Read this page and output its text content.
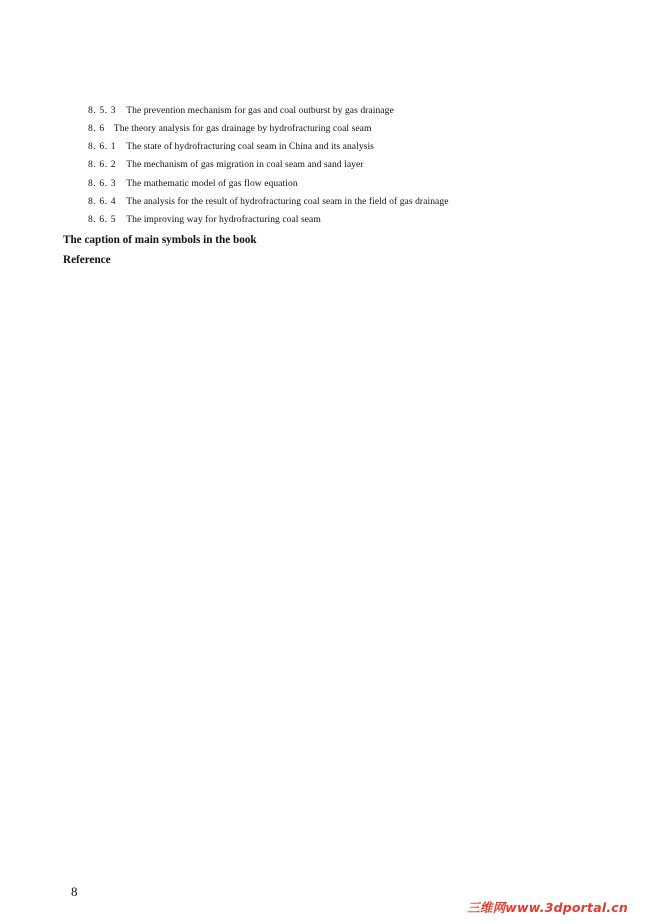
8. 5. 3 The prevention mechanism for gas and coal outburst by gas drainage
8. 6 The theory analysis for gas drainage by hydrofracturing coal seam
8. 6. 1 The state of hydrofracturing coal seam in China and its analysis
8. 6. 2 The mechanism of gas migration in coal seam and sand layer
8. 6. 3 The mathematic model of gas flow equation
8. 6. 4 The analysis for the result of hydrofracturing coal seam in the field of gas drainage
8. 6. 5 The improving way for hydrofracturing coal seam
The caption of main symbols in the book
Reference
8
三维网www.3dportal.cn
